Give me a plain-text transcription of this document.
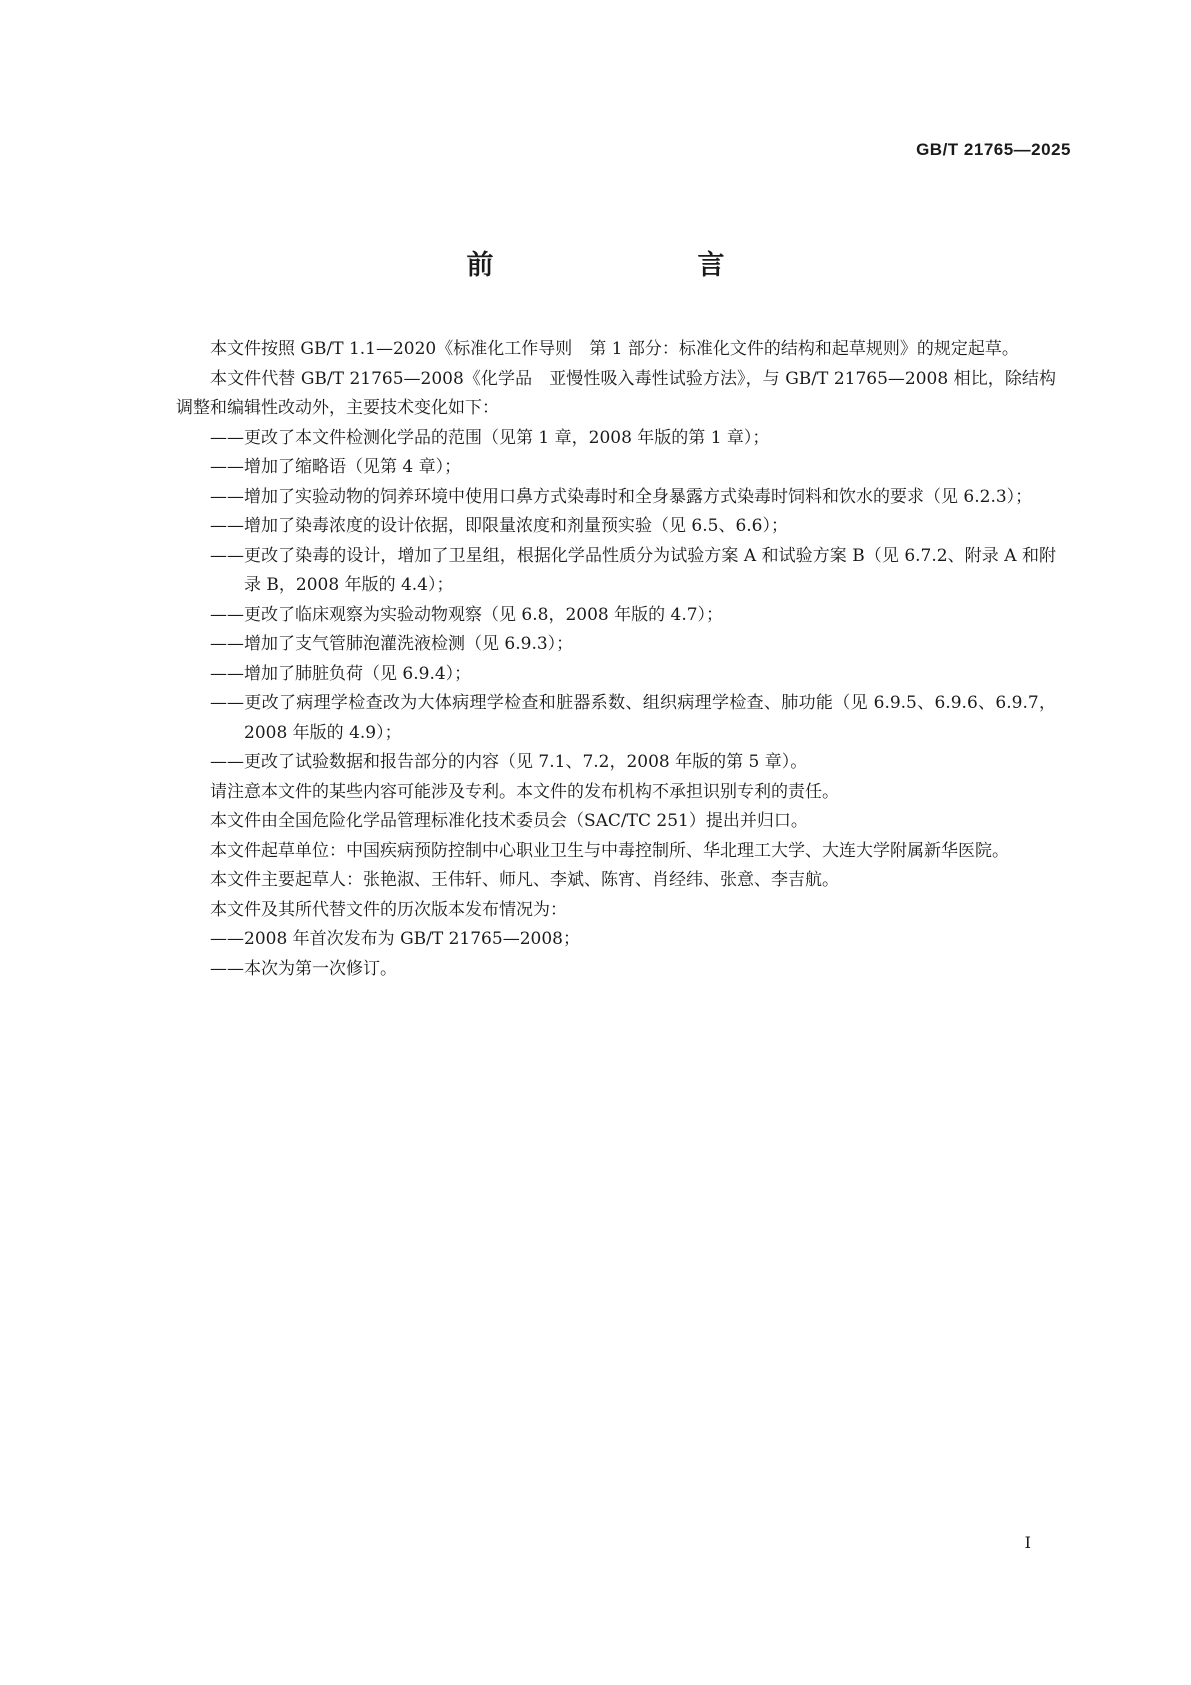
GB/T 21765—2025
前　　言

本文件按照 GB/T 1.1—2020《标准化工作导则　第 1 部分：标准化文件的结构和起草规则》的规定起草。

本文件代替 GB/T 21765—2008《化学品　亚慢性吸入毒性试验方法》，与 GB/T 21765—2008 相比，除结构调整和编辑性改动外，主要技术变化如下：

——更改了本文件检测化学品的范围（见第 1 章，2008 年版的第 1 章）；

——增加了缩略语（见第 4 章）；

——增加了实验动物的饲养环境中使用口鼻方式染毒时和全身暴露方式染毒时饲料和饮水的要求（见 6.2.3）；

——增加了染毒浓度的设计依据，即限量浓度和剂量预实验（见 6.5、6.6）；

——更改了染毒的设计，增加了卫星组，根据化学品性质分为试验方案 A 和试验方案 B（见 6.7.2、附录 A 和附录 B，2008 年版的 4.4）；

——更改了临床观察为实验动物观察（见 6.8，2008 年版的 4.7）；

——增加了支气管肺泡灌洗液检测（见 6.9.3）；

——增加了肺脏负荷（见 6.9.4）；

——更改了病理学检查改为大体病理学检查和脏器系数、组织病理学检查、肺功能（见 6.9.5、6.9.6、6.9.7，2008 年版的 4.9）；

——更改了试验数据和报告部分的内容（见 7.1、7.2，2008 年版的第 5 章）。

请注意本文件的某些内容可能涉及专利。本文件的发布机构不承担识别专利的责任。

本文件由全国危险化学品管理标准化技术委员会（SAC/TC 251）提出并归口。

本文件起草单位：中国疾病预防控制中心职业卫生与中毒控制所、华北理工大学、大连大学附属新华医院。

本文件主要起草人：张艳淑、王伟轩、师凡、李斌、陈宵、肖经纬、张意、李吉航。

本文件及其所代替文件的历次版本发布情况为：

——2008 年首次发布为 GB/T 21765—2008；

——本次为第一次修订。

I
